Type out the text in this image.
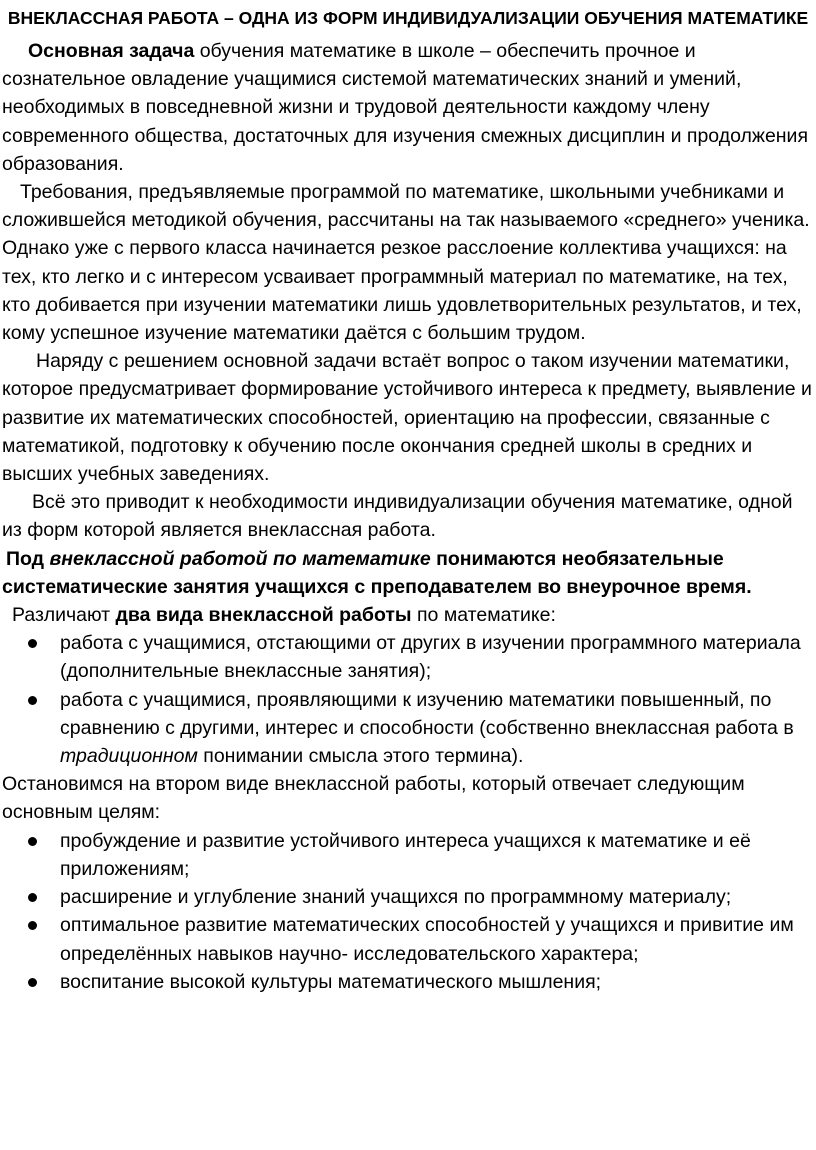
ВНЕКЛАССНАЯ РАБОТА – ОДНА ИЗ ФОРМ ИНДИВИДУАЛИЗАЦИИ ОБУЧЕНИЯ МАТЕМАТИКЕ

Основная задача обучения математике в школе – обеспечить прочное и сознательное овладение учащимися системой математических знаний и умений, необходимых в повседневной жизни и трудовой деятельности каждому члену современного общества, достаточных для изучения смежных дисциплин и продолжения образования.

Требования, предъявляемые программой по математике, школьными учебниками и сложившейся методикой обучения, рассчитаны на так называемого «среднего» ученика. Однако уже с первого класса начинается резкое расслоение коллектива учащихся: на тех, кто легко и с интересом усваивает программный материал по математике, на тех, кто добивается при изучении математики лишь удовлетворительных результатов, и тех, кому успешное изучение математики даётся с большим трудом.

Наряду с решением основной задачи встаёт вопрос о таком изучении математики, которое предусматривает формирование устойчивого интереса к предмету, выявление и развитие их математических способностей, ориентацию на профессии, связанные с математикой, подготовку к обучению после окончания средней школы в средних и высших учебных заведениях.

Всё это приводит к необходимости индивидуализации обучения математике, одной из форм которой является внеклассная работа.

Под внеклассной работой по математике понимаются необязательные систематические занятия учащихся с преподавателем во внеурочное время.

Различают два вида внеклассной работы по математике:

работа с учащимися, отстающими от других в изучении программного материала (дополнительные внеклассные занятия);
работа с учащимися, проявляющими к изучению математики повышенный, по сравнению с другими, интерес и способности (собственно внеклассная работа в традиционном понимании смысла этого термина).

Остановимся на втором виде внеклассной работы, который отвечает следующим основным целям:

пробуждение и развитие устойчивого интереса учащихся к математике и её приложениям;
расширение и углубление знаний учащихся по программному материалу;
оптимальное развитие математических способностей у учащихся и привитие им определённых навыков научно- исследовательского характера;
воспитание высокой культуры математического мышления;
